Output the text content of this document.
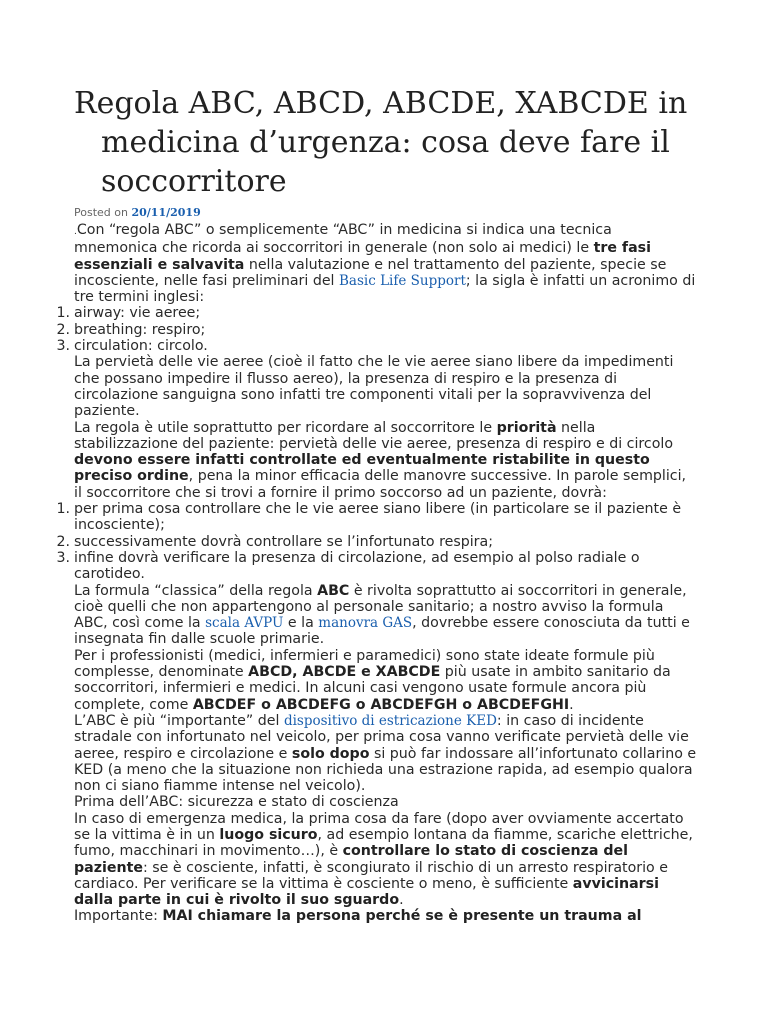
Regola ABC, ABCD, ABCDE, XABCDE in medicina d’urgenza: cosa deve fare il soccorritore
Posted on 20/11/2019

.Con “regola ABC” o semplicemente “ABC” in medicina si indica una tecnica mnemonica che ricorda ai soccorritori in generale (non solo ai medici) le tre fasi essenziali e salvavita nella valutazione e nel trattamento del paziente, specie se incosciente, nelle fasi preliminari del Basic Life Support; la sigla è infatti un acronimo di tre termini inglesi:

airway: vie aeree;
breathing: respiro;
circulation: circolo.

La pervietà delle vie aeree (cioè il fatto che le vie aeree siano libere da impedimenti che possano impedire il flusso aereo), la presenza di respiro e la presenza di circolazione sanguigna sono infatti tre componenti vitali per la sopravvivenza del paziente.

La regola è utile soprattutto per ricordare al soccorritore le priorità nella stabilizzazione del paziente: pervietà delle vie aeree, presenza di respiro e di circolo devono essere infatti controllate ed eventualmente ristabilite in questo preciso ordine, pena la minor efficacia delle manovre successive. In parole semplici, il soccorritore che si trovi a fornire il primo soccorso ad un paziente, dovrà:

per prima cosa controllare che le vie aeree siano libere (in particolare se il paziente è incosciente);
successivamente dovrà controllare se l’infortunato respira;
infine dovrà verificare la presenza di circolazione, ad esempio al polso radiale o carotideo.

La formula “classica” della regola ABC è rivolta soprattutto ai soccorritori in generale, cioè quelli che non appartengono al personale sanitario; a nostro avviso la formula ABC, così come la scala AVPU e la manovra GAS, dovrebbe essere conosciuta da tutti e insegnata fin dalle scuole primarie.

Per i professionisti (medici, infermieri e paramedici) sono state ideate formule più complesse, denominate ABCD, ABCDE e XABCDE più usate in ambito sanitario da soccorritori, infermieri e medici. In alcuni casi vengono usate formule ancora più complete, come ABCDEF o ABCDEFG o ABCDEFGH o ABCDEFGHI.

L’ABC è più “importante” del dispositivo di estricazione KED: in caso di incidente stradale con infortunato nel veicolo, per prima cosa vanno verificate pervietà delle vie aeree, respiro e circolazione e solo dopo si può far indossare all’infortunato collarino e KED (a meno che la situazione non richieda una estrazione rapida, ad esempio qualora non ci siano fiamme intense nel veicolo).

Prima dell’ABC: sicurezza e stato di coscienza

In caso di emergenza medica, la prima cosa da fare (dopo aver ovviamente accertato se la vittima è in un luogo sicuro, ad esempio lontana da fiamme, scariche elettriche, fumo, macchinari in movimento…), è controllare lo stato di coscienza del paziente: se è cosciente, infatti, è scongiurato il rischio di un arresto respiratorio e cardiaco. Per verificare se la vittima è cosciente o meno, è sufficiente avvicinarsi dalla parte in cui è rivolto il suo sguardo.

Importante: MAI chiamare la persona perché se è presente un trauma al
